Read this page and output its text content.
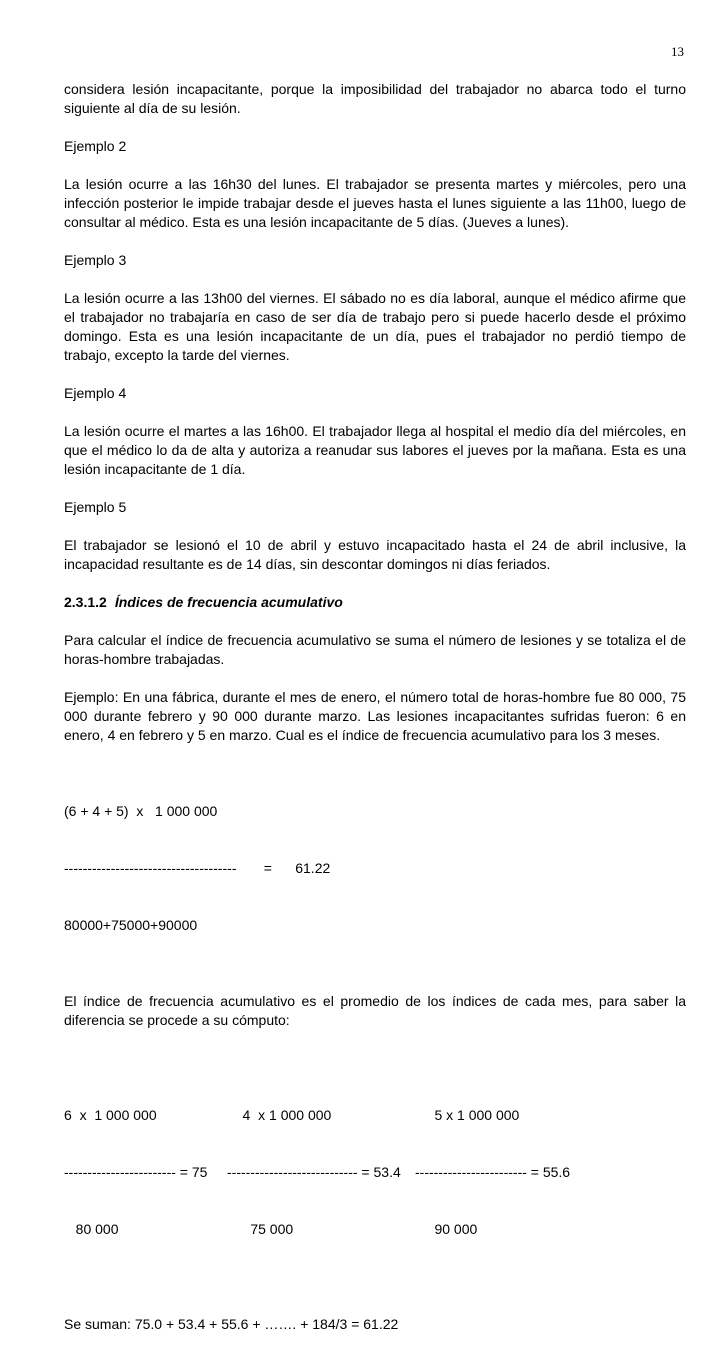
13

considera lesión incapacitante, porque la imposibilidad del trabajador no abarca todo el turno siguiente al día de su lesión.

Ejemplo 2

La lesión ocurre a las 16h30 del lunes. El trabajador se presenta martes y miércoles, pero una infección posterior le impide trabajar desde el jueves hasta el lunes siguiente a las 11h00, luego de consultar al médico. Esta es una lesión incapacitante de 5 días. (Jueves a lunes).

Ejemplo 3

La lesión ocurre a las 13h00 del viernes. El sábado no es día laboral, aunque el médico afirme que el trabajador no trabajaría en caso de ser día de trabajo pero si puede hacerlo desde el próximo domingo. Esta es una lesión incapacitante de un día, pues el trabajador no perdió tiempo de trabajo, excepto la tarde del viernes.

Ejemplo 4

La lesión ocurre el martes a las 16h00. El trabajador llega al hospital el medio día del miércoles, en que el médico lo da de alta y autoriza a reanudar sus labores el jueves por la mañana. Esta es una lesión incapacitante de 1 día.

Ejemplo 5

El trabajador se lesionó el 10 de abril y estuvo incapacitado hasta el 24 de abril inclusive, la incapacidad resultante es de 14 días, sin descontar domingos ni días feriados.

2.3.1.2 Índices de frecuencia acumulativo

Para calcular el índice de frecuencia acumulativo se suma el número de lesiones y se totaliza el de horas-hombre trabajadas.

Ejemplo: En una fábrica, durante el mes de enero, el número total de horas-hombre fue 80 000, 75 000 durante febrero y 90 000 durante marzo. Las lesiones incapacitantes sufridas fueron: 6 en enero, 4 en febrero y 5 en marzo. Cual es el índice de frecuencia acumulativo para los 3 meses.

(6 + 4 + 5)  x   1 000 000

-------------------------------------       =      61.22

80000+75000+90000

El índice de frecuencia acumulativo es el promedio de los índices de cada mes, para saber la diferencia se procede a su cómputo:

6  x  1 000 000

------------------------ = 75

80 000

4  x 1 000 000

---------------------------- = 53.4

75 000

5 x 1 000 000

------------------------ = 55.6

90 000

Se suman: 75.0 + 53.4 + 55.6 + ……. + 184/3 = 61.22
